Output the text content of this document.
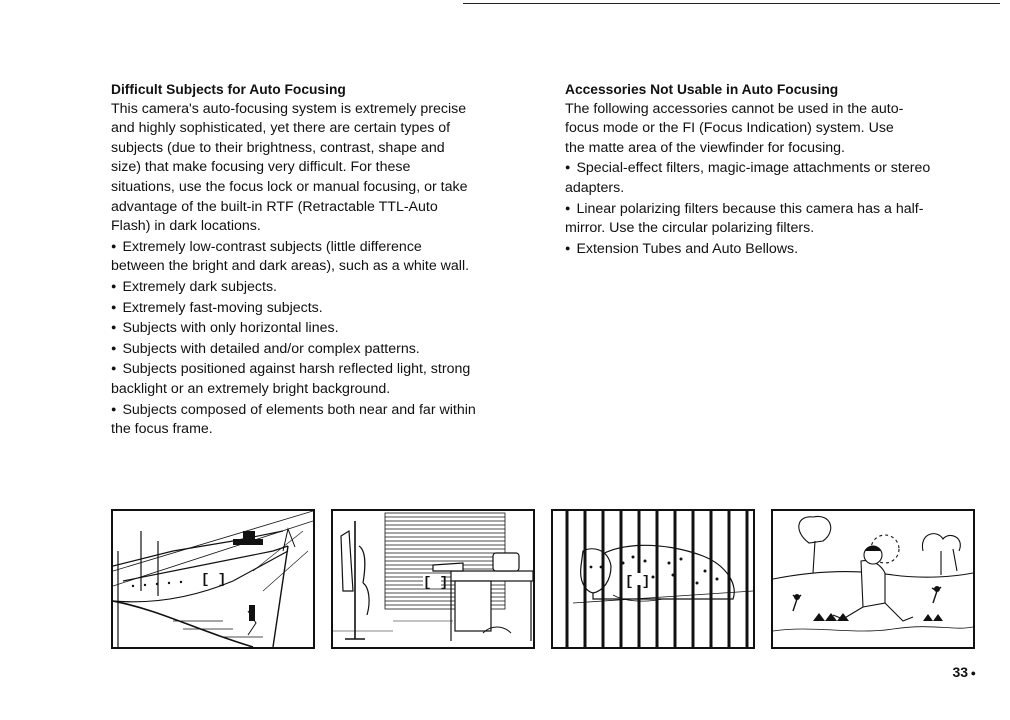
Difficult Subjects for Auto Focusing
This camera's auto-focusing system is extremely precise
and highly sophisticated, yet there are certain types of
subjects (due to their brightness, contrast, shape and
size) that make focusing very difficult. For these
situations, use the focus lock or manual focusing, or take
advantage of the built-in RTF (Retractable TTL-Auto
Flash) in dark locations.
● Extremely low-contrast subjects (little difference
between the bright and dark areas), such as a white wall.
● Extremely dark subjects.
● Extremely fast-moving subjects.
● Subjects with only horizontal lines.
● Subjects with detailed and/or complex patterns.
● Subjects positioned against harsh reflected light, strong
backlight or an extremely bright background.
● Subjects composed of elements both near and far within
the focus frame.
Accessories Not Usable in Auto Focusing
The following accessories cannot be used in the auto-
focus mode or the FI (Focus Indication) system. Use
the matte area of the viewfinder for focusing.
● Special-effect filters, magic-image attachments or stereo
adapters.
● Linear polarizing filters because this camera has a half-
mirror. Use the circular polarizing filters.
● Extension Tubes and Auto Bellows.
[ ]	[ ]	[ ]
33 ●
